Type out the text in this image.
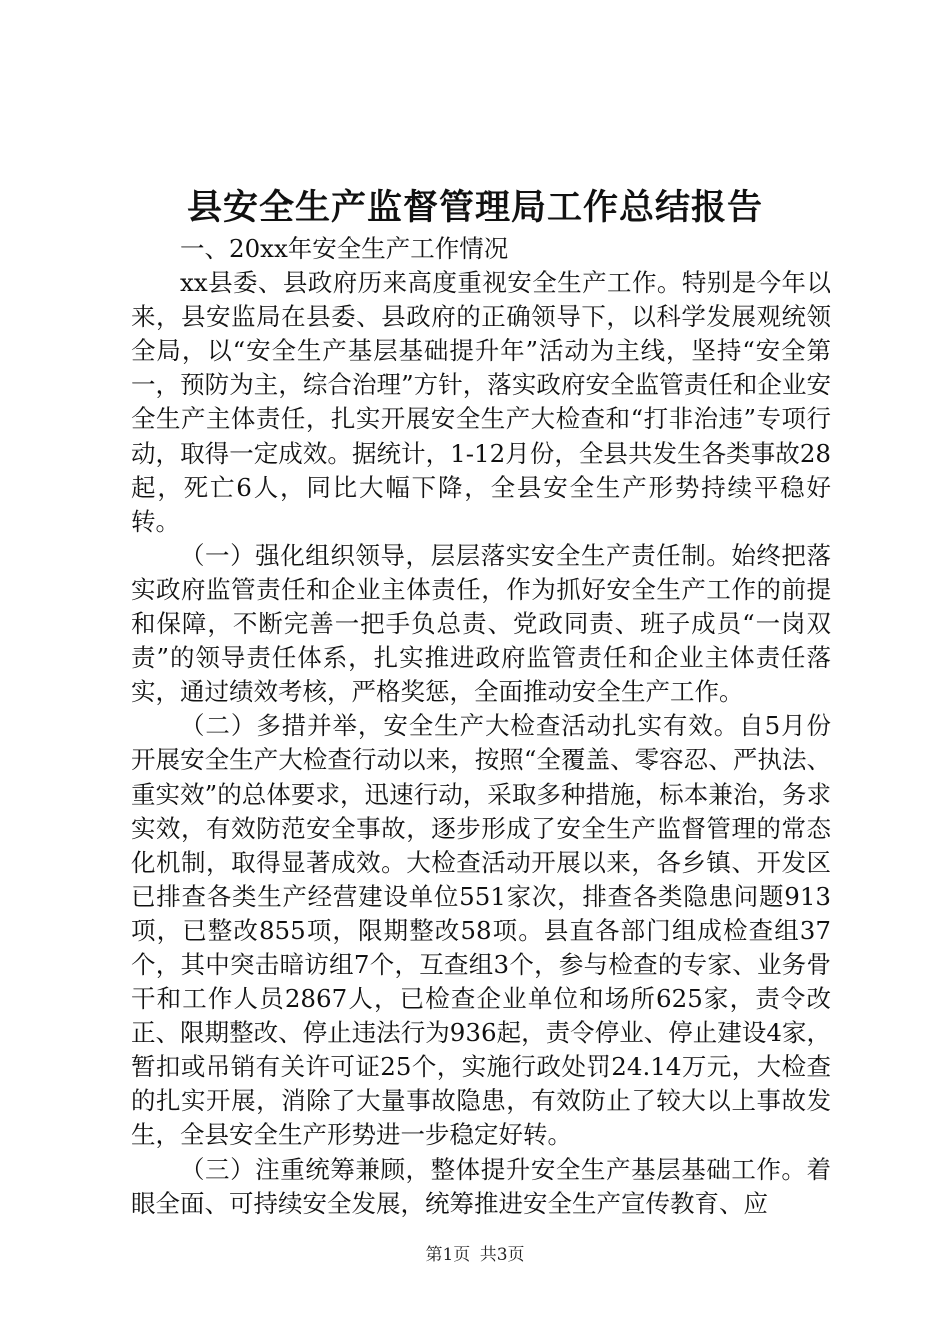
县安全生产监督管理局工作总结报告

一、20xx年安全生产工作情况

xx县委、县政府历来高度重视安全生产工作。特别是今年以来，县安监局在县委、县政府的正确领导下，以科学发展观统领全局，以“安全生产基层基础提升年”活动为主线，坚持“安全第一，预防为主，综合治理”方针，落实政府安全监管责任和企业安全生产主体责任，扎实开展安全生产大检查和“打非治违”专项行动，取得一定成效。据统计，1-12月份，全县共发生各类事故28起，死亡6人，同比大幅下降，全县安全生产形势持续平稳好转。

（一）强化组织领导，层层落实安全生产责任制。始终把落实政府监管责任和企业主体责任，作为抓好安全生产工作的前提和保障，不断完善一把手负总责、党政同责、班子成员“一岗双责”的领导责任体系，扎实推进政府监管责任和企业主体责任落实，通过绩效考核，严格奖惩，全面推动安全生产工作。

（二）多措并举，安全生产大检查活动扎实有效。自5月份开展安全生产大检查行动以来，按照“全覆盖、零容忍、严执法、重实效”的总体要求，迅速行动，采取多种措施，标本兼治，务求实效，有效防范安全事故，逐步形成了安全生产监督管理的常态化机制，取得显著成效。大检查活动开展以来，各乡镇、开发区已排查各类生产经营建设单位551家次，排查各类隐患问题913项，已整改855项，限期整改58项。县直各部门组成检查组37个，其中突击暗访组7个，互查组3个，参与检查的专家、业务骨干和工作人员2867人，已检查企业单位和场所625家，责令改正、限期整改、停止违法行为936起，责令停业、停止建设4家，暂扣或吊销有关许可证25个，实施行政处罚24.14万元，大检查的扎实开展，消除了大量事故隐患，有效防止了较大以上事故发生，全县安全生产形势进一步稳定好转。

（三）注重统筹兼顾，整体提升安全生产基层基础工作。着眼全面、可持续安全发展，统筹推进安全生产宣传教育、应

第1页 共3页
